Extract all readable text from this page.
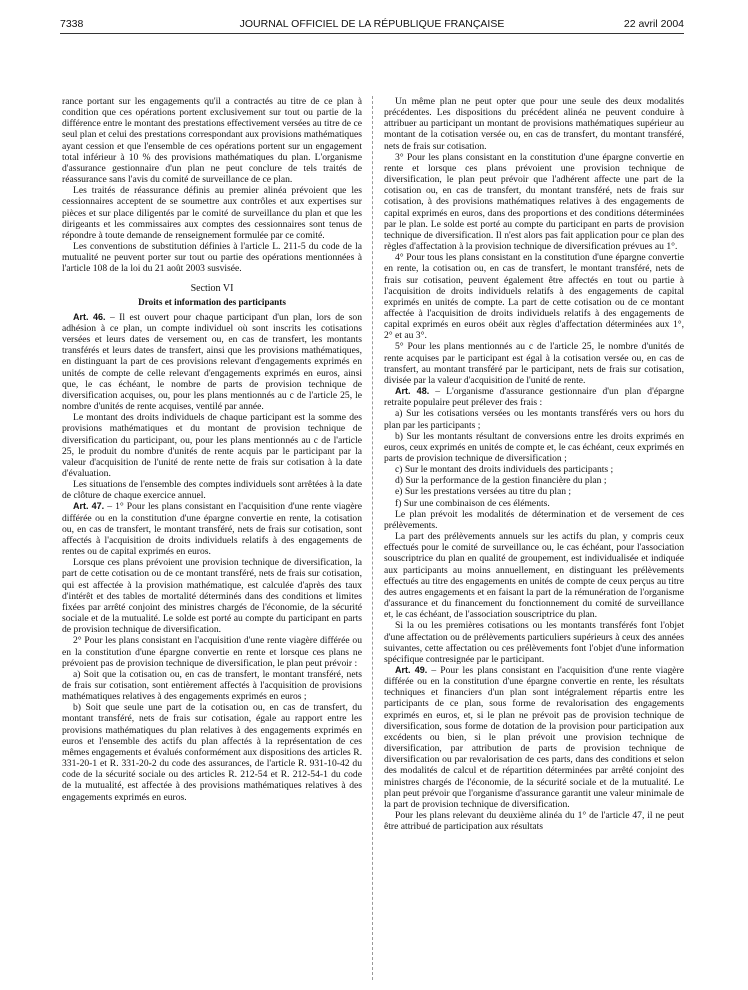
7338	JOURNAL OFFICIEL DE LA RÉPUBLIQUE FRANÇAISE	22 avril 2004

rance portant sur les engagements qu'il a contractés au titre de ce plan à condition que ces opérations portent exclusivement sur tout ou partie de la différence entre le montant des prestations effectivement versées au titre de ce seul plan et celui des prestations correspondant aux provisions mathématiques ayant cession et que l'ensemble de ces opérations portent sur un engagement total inférieur à 10 % des provisions mathématiques du plan. L'organisme d'assurance gestionnaire d'un plan ne peut conclure de tels traités de réassurance sans l'avis du comité de surveillance de ce plan.

Les traités de réassurance définis au premier alinéa prévoient que les cessionnaires acceptent de se soumettre aux contrôles et aux expertises sur pièces et sur place diligentés par le comité de surveillance du plan et que les dirigeants et les commissaires aux comptes des cessionnaires sont tenus de répondre à toute demande de renseignement formulée par ce comité.

Les conventions de substitution définies à l'article L. 211-5 du code de la mutualité ne peuvent porter sur tout ou partie des opérations mentionnées à l'article 108 de la loi du 21 août 2003 susvisée.

Section VI
Droits et information des participants

Art. 46. – Il est ouvert pour chaque participant d'un plan, lors de son adhésion à ce plan, un compte individuel où sont inscrits les cotisations versées et leurs dates de versement ou, en cas de transfert, les montants transférés et leurs dates de transfert, ainsi que les provisions mathématiques, en distinguant la part de ces provisions relevant d'engagements exprimés en unités de compte de celle relevant d'engagements exprimés en euros, ainsi que, le cas échéant, le nombre de parts de provision technique de diversification acquises, ou, pour les plans mentionnés au c de l'article 25, le nombre d'unités de rente acquises, ventilé par année.

Le montant des droits individuels de chaque participant est la somme des provisions mathématiques et du montant de provision technique de diversification du participant, ou, pour les plans mentionnés au c de l'article 25, le produit du nombre d'unités de rente acquis par le participant par la valeur d'acquisition de l'unité de rente nette de frais sur cotisation à la date d'évaluation.

Les situations de l'ensemble des comptes individuels sont arrêtées à la date de clôture de chaque exercice annuel.

Art. 47. – 1° Pour les plans consistant en l'acquisition d'une rente viagère différée ou en la constitution d'une épargne convertie en rente, la cotisation ou, en cas de transfert, le montant transféré, nets de frais sur cotisation, sont affectés à l'acquisition de droits individuels relatifs à des engagements de rentes ou de capital exprimés en euros.

Lorsque ces plans prévoient une provision technique de diversification, la part de cette cotisation ou de ce montant transféré, nets de frais sur cotisation, qui est affectée à la provision mathématique, est calculée d'après des taux d'intérêt et des tables de mortalité déterminés dans des conditions et limites fixées par arrêté conjoint des ministres chargés de l'économie, de la sécurité sociale et de la mutualité. Le solde est porté au compte du participant en parts de provision technique de diversification.

2° Pour les plans consistant en l'acquisition d'une rente viagère différée ou en la constitution d'une épargne convertie en rente et lorsque ces plans ne prévoient pas de provision technique de diversification, le plan peut prévoir :

a) Soit que la cotisation ou, en cas de transfert, le montant transféré, nets de frais sur cotisation, sont entièrement affectés à l'acquisition de provisions mathématiques relatives à des engagements exprimés en euros ;

b) Soit que seule une part de la cotisation ou, en cas de transfert, du montant transféré, nets de frais sur cotisation, égale au rapport entre les provisions mathématiques du plan relatives à des engagements exprimés en euros et l'ensemble des actifs du plan affectés à la représentation de ces mêmes engagements et évalués conformément aux dispositions des articles R. 331-20-1 et R. 331-20-2 du code des assurances, de l'article R. 931-10-42 du code de la sécurité sociale ou des articles R. 212-54 et R. 212-54-1 du code de la mutualité, est affectée à des provisions mathématiques relatives à des engagements exprimés en euros.

Un même plan ne peut opter que pour une seule des deux modalités précédentes. Les dispositions du précédent alinéa ne peuvent conduire à attribuer au participant un montant de provisions mathématiques supérieur au montant de la cotisation versée ou, en cas de transfert, du montant transféré, nets de frais sur cotisation.

3° Pour les plans consistant en la constitution d'une épargne convertie en rente et lorsque ces plans prévoient une provision technique de diversification, le plan peut prévoir que l'adhérent affecte une part de la cotisation ou, en cas de transfert, du montant transféré, nets de frais sur cotisation, à des provisions mathématiques relatives à des engagements de capital exprimés en euros, dans des proportions et des conditions déterminées par le plan. Le solde est porté au compte du participant en parts de provision technique de diversification. Il n'est alors pas fait application pour ce plan des règles d'affectation à la provision technique de diversification prévues au 1°.

4° Pour tous les plans consistant en la constitution d'une épargne convertie en rente, la cotisation ou, en cas de transfert, le montant transféré, nets de frais sur cotisation, peuvent également être affectés en tout ou partie à l'acquisition de droits individuels relatifs à des engagements de capital exprimés en unités de compte. La part de cette cotisation ou de ce montant affectée à l'acquisition de droits individuels relatifs à des engagements de capital exprimés en euros obéit aux règles d'affectation déterminées aux 1°, 2° et au 3°.

5° Pour les plans mentionnés au c de l'article 25, le nombre d'unités de rente acquises par le participant est égal à la cotisation versée ou, en cas de transfert, au montant transféré par le participant, nets de frais sur cotisation, divisée par la valeur d'acquisition de l'unité de rente.

Art. 48. – L'organisme d'assurance gestionnaire d'un plan d'épargne retraite populaire peut prélever des frais :

a) Sur les cotisations versées ou les montants transférés vers ou hors du plan par les participants ;

b) Sur les montants résultant de conversions entre les droits exprimés en euros, ceux exprimés en unités de compte et, le cas échéant, ceux exprimés en parts de provision technique de diversification ;

c) Sur le montant des droits individuels des participants ;

d) Sur la performance de la gestion financière du plan ;

e) Sur les prestations versées au titre du plan ;

f) Sur une combinaison de ces éléments.

Le plan prévoit les modalités de détermination et de versement de ces prélèvements.

La part des prélèvements annuels sur les actifs du plan, y compris ceux effectués pour le comité de surveillance ou, le cas échéant, pour l'association souscriptrice du plan en qualité de groupement, est individualisée et indiquée aux participants au moins annuellement, en distinguant les prélèvements effectués au titre des engagements en unités de compte de ceux perçus au titre des autres engagements et en faisant la part de la rémunération de l'organisme d'assurance et du financement du fonctionnement du comité de surveillance et, le cas échéant, de l'association souscriptrice du plan.

Si la ou les premières cotisations ou les montants transférés font l'objet d'une affectation ou de prélèvements particuliers supérieurs à ceux des années suivantes, cette affectation ou ces prélèvements font l'objet d'une information spécifique contresignée par le participant.

Art. 49. – Pour les plans consistant en l'acquisition d'une rente viagère différée ou en la constitution d'une épargne convertie en rente, les résultats techniques et financiers d'un plan sont intégralement répartis entre les participants de ce plan, sous forme de revalorisation des engagements exprimés en euros, et, si le plan ne prévoit pas de provision technique de diversification, sous forme de dotation de la provision pour participation aux excédents ou bien, si le plan prévoit une provision technique de diversification, par attribution de parts de provision technique de diversification ou par revalorisation de ces parts, dans des conditions et selon des modalités de calcul et de répartition déterminées par arrêté conjoint des ministres chargés de l'économie, de la sécurité sociale et de la mutualité. Le plan peut prévoir que l'organisme d'assurance garantit une valeur minimale de la part de provision technique de diversification.

Pour les plans relevant du deuxième alinéa du 1° de l'article 47, il ne peut être attribué de participation aux résultats
